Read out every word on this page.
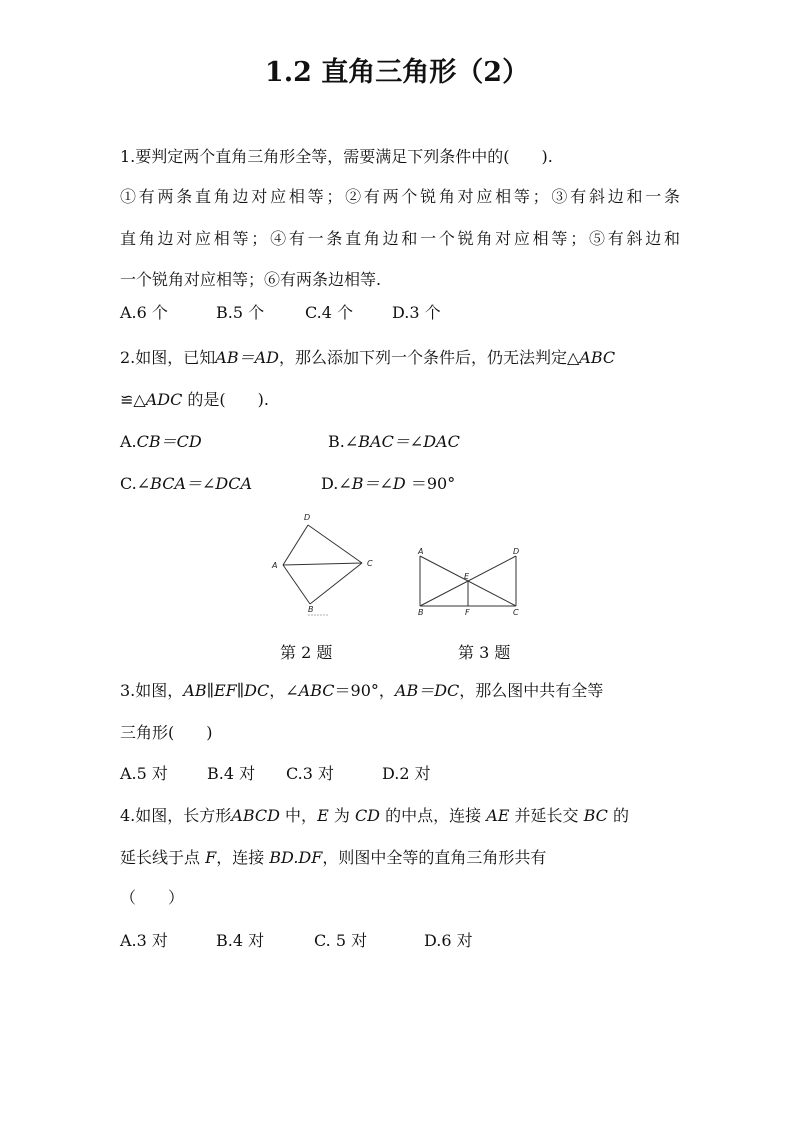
1.2 直角三角形（2）
1.要判定两个直角三角形全等，需要满足下列条件中的(　　).
①有两条直角边对应相等；②有两个锐角对应相等；③有斜边和一条
直角边对应相等；④有一条直角边和一个锐角对应相等；⑤有斜边和
一个锐角对应相等；⑥有两条边相等.
A.6 个	B.5 个	C.4 个 D.3 个
2.如图，已知AB＝AD，那么添加下列一个条件后，仍无法判定△ABC
≌△ADC 的是(　　).
A.CB＝CD	B.∠BAC＝∠DAC
C.∠BCA＝∠DCA	D.∠B＝∠D ＝90°
D
A	C
B
A	D
E
B	F	C
第 2 题	第 3 题
3.如图，AB∥EF∥DC，∠ABC＝90°，AB＝DC，那么图中共有全等
三角形(　　)
A.5 对 B.4 对 C.3 对	D.2 对
4.如图，长方形ABCD 中，E 为 CD 的中点，连接 AE 并延长交 BC 的
延长线于点 F，连接 BD.DF，则图中全等的直角三角形共有
（　　）
A.3 对	B.4 对	C. 5 对	D.6 对
